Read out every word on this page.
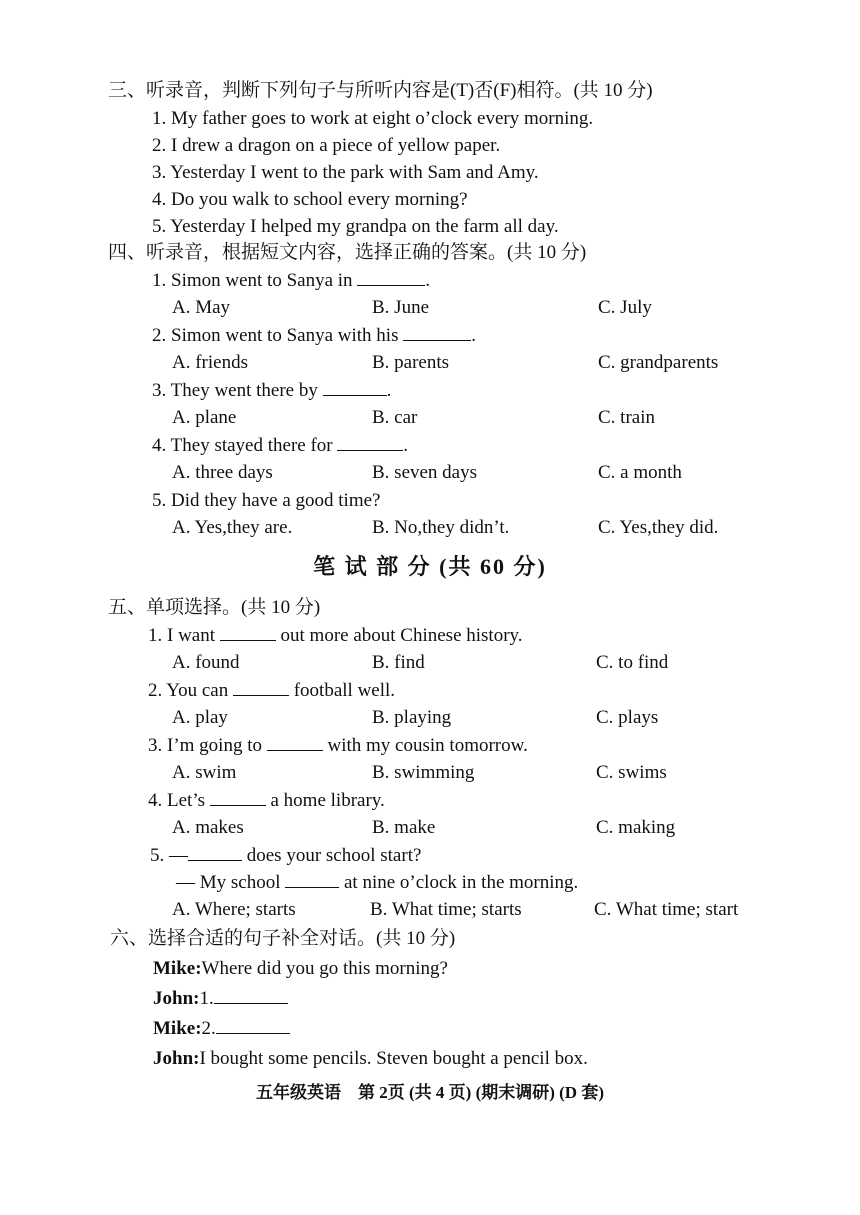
三、听录音，判断下列句子与所听内容是(T)否(F)相符。(共 10 分)
1. My father goes to work at eight o’clock every morning.
2. I drew a dragon on a piece of yellow paper.
3. Yesterday I went to the park with Sam and Amy.
4. Do you walk to school every morning?
5. Yesterday I helped my grandpa on the farm all day.
四、听录音，根据短文内容，选择正确的答案。(共 10 分)
1. Simon went to Sanya in	.
A. May	B. June	C. July
2. Simon went to Sanya with his	.
A. friends	B. parents	C. grandparents
3. They went there by	.
A. plane	B. car	C. train
4. They stayed there for	.
A. three days	B. seven days	C. a month
5. Did they have a good time?
A. Yes,they are.	B. No,they didn’t.	C. Yes,they did.
笔 试 部 分 (共 60 分)
五、单项选择。(共 10 分)
1. I want	out more about Chinese history.
A. found	B. find	C. to find
2. You can	football well.
A. play	B. playing	C. plays
3. I’m going to	with my cousin tomorrow.
A. swim	B. swimming	C. swims
4. Let’s	a home library.
A. makes	B. make	C. making
5. —	does your school start?
— My school	at nine o’clock in the morning.
A. Where; starts	B. What time; starts	C. What time; start
六、选择合适的句子补全对话。(共 10 分)
Mike:Where did you go this morning?
John:1.
Mike:2.
John:I bought some pencils. Steven bought a pencil box.
五年级英语　第 2页 (共 4 页) (期末调研) (D 套)
